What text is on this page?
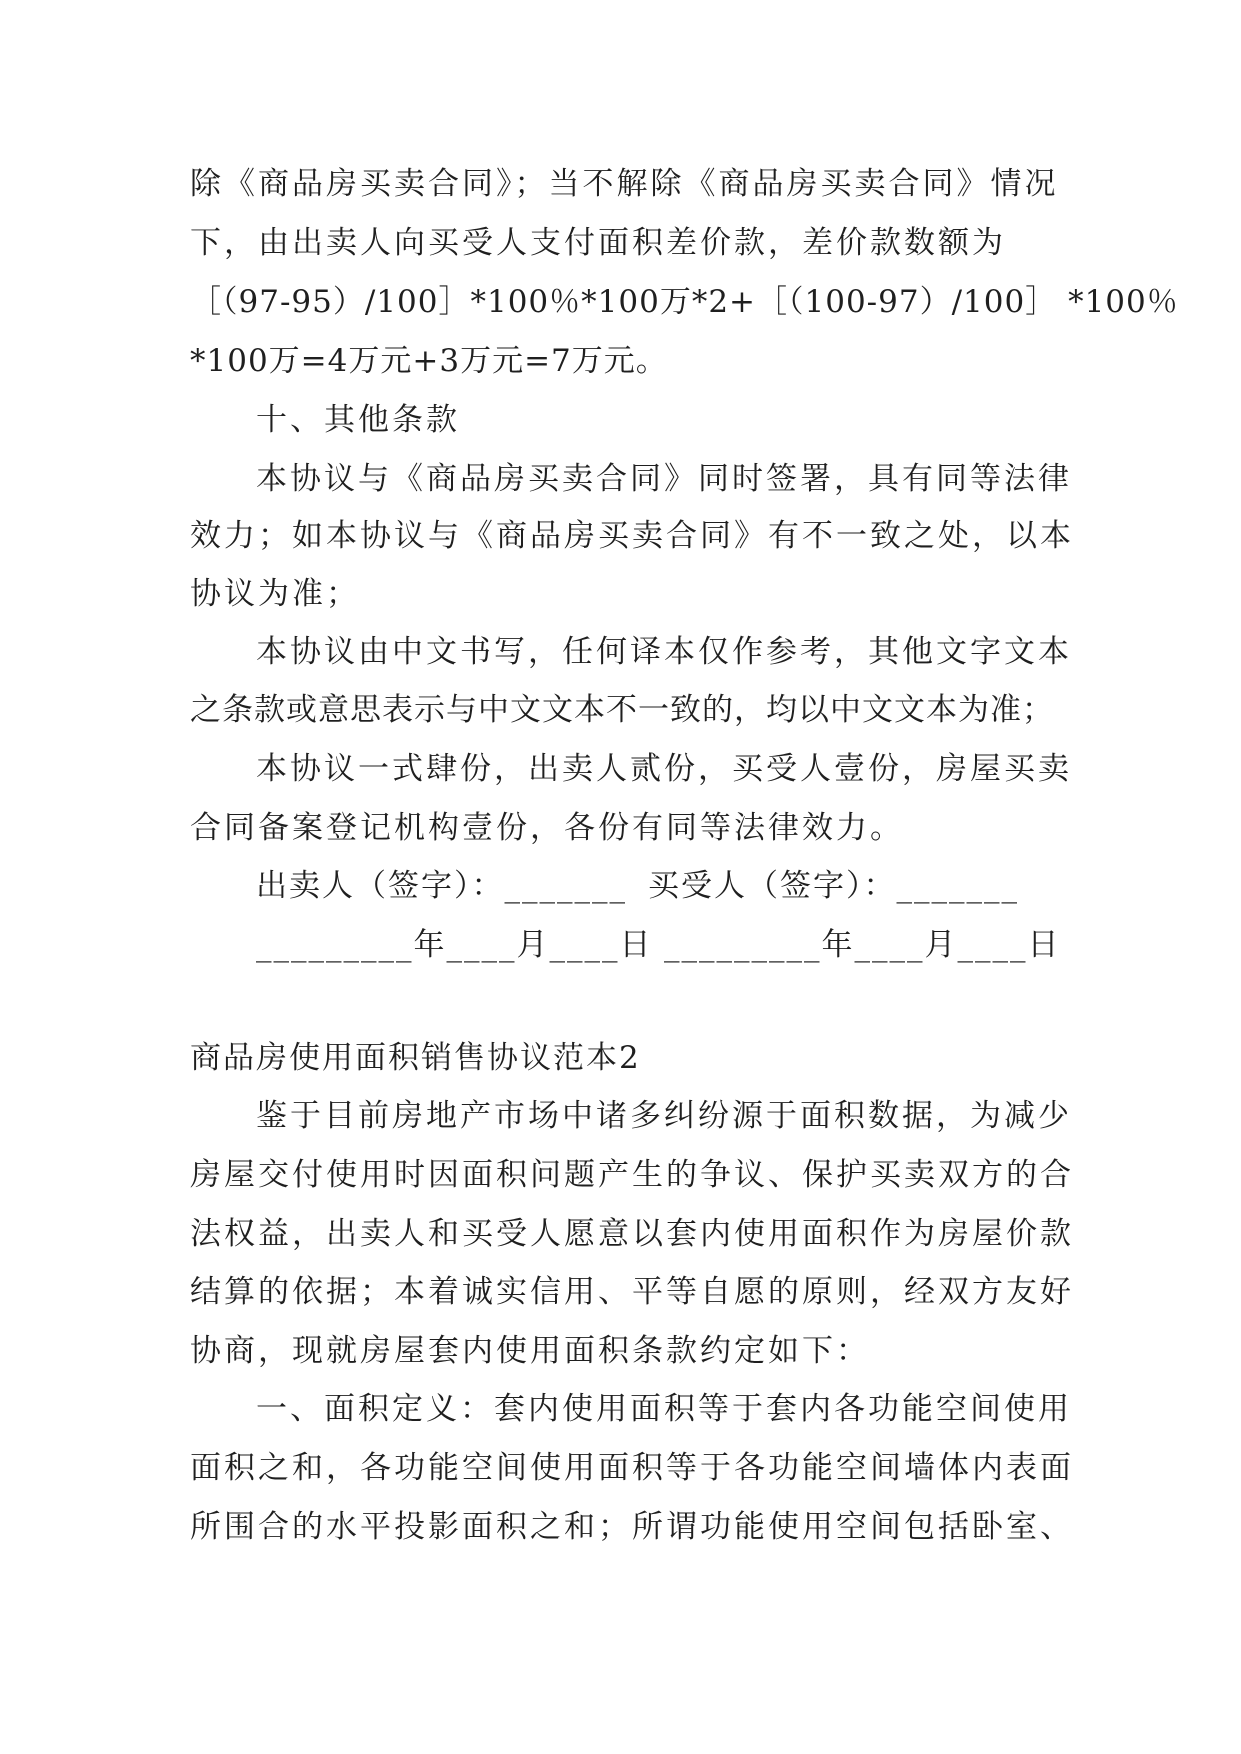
除《商品房买卖合同》；当不解除《商品房买卖合同》情况

下，由出卖人向买受人支付面积差价款，差价款数额为

［（97-95）/100］*100％*100万*2+［（100-97）/100］ *100％

*100万=4万元+3万元=7万元。

十、其他条款

本协议与《商品房买卖合同》同时签署，具有同等法律

效力；如本协议与《商品房买卖合同》有不一致之处，以本

协议为准；

本协议由中文书写，任何译本仅作参考，其他文字文本

之条款或意思表示与中文文本不一致的，均以中文文本为准；

本协议一式肆份，出卖人贰份，买受人壹份，房屋买卖

合同备案登记机构壹份，各份有同等法律效力。

出卖人（签字）：_______ 买受人（签字）：_______
_________年____月____日 _________年____月____日
商品房使用面积销售协议范本2

鉴于目前房地产市场中诸多纠纷源于面积数据，为减少

房屋交付使用时因面积问题产生的争议、保护买卖双方的合

法权益，出卖人和买受人愿意以套内使用面积作为房屋价款

结算的依据；本着诚实信用、平等自愿的原则，经双方友好

协商，现就房屋套内使用面积条款约定如下：

一、面积定义：套内使用面积等于套内各功能空间使用

面积之和，各功能空间使用面积等于各功能空间墙体内表面

所围合的水平投影面积之和；所谓功能使用空间包括卧室、
